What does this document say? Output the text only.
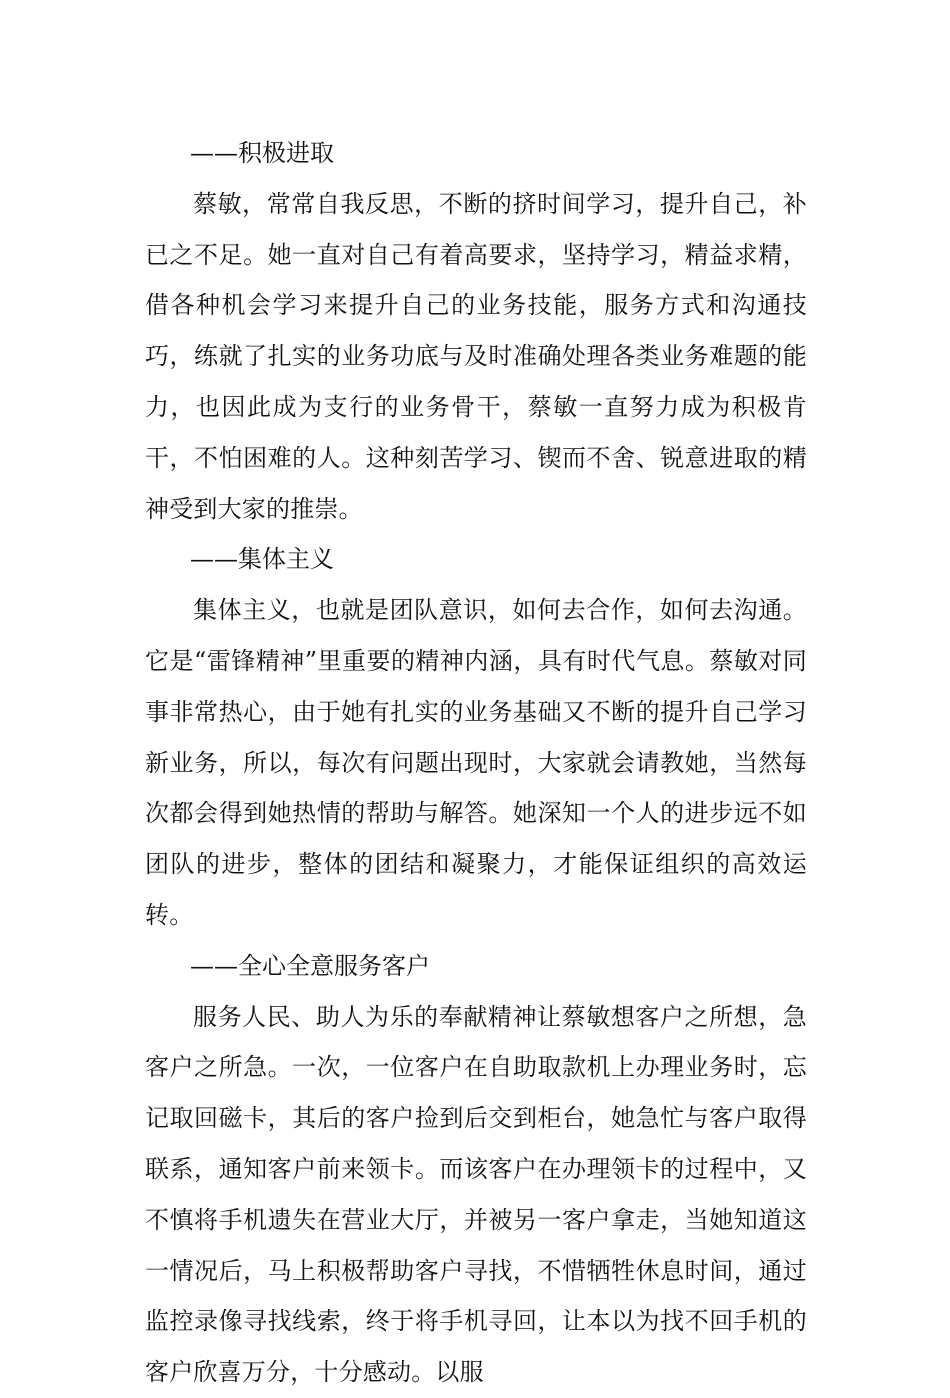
——积极进取

蔡敏，常常自我反思，不断的挤时间学习，提升自己，补已之不足。她一直对自己有着高要求，坚持学习，精益求精，借各种机会学习来提升自己的业务技能，服务方式和沟通技巧，练就了扎实的业务功底与及时准确处理各类业务难题的能力，也因此成为支行的业务骨干，蔡敏一直努力成为积极肯干，不怕困难的人。这种刻苦学习、锲而不舍、锐意进取的精神受到大家的推崇。

——集体主义

集体主义，也就是团队意识，如何去合作，如何去沟通。它是“雷锋精神”里重要的精神内涵，具有时代气息。蔡敏对同事非常热心，由于她有扎实的业务基础又不断的提升自己学习新业务，所以，每次有问题出现时，大家就会请教她，当然每次都会得到她热情的帮助与解答。她深知一个人的进步远不如团队的进步，整体的团结和凝聚力，才能保证组织的高效运转。

——全心全意服务客户

服务人民、助人为乐的奉献精神让蔡敏想客户之所想，急客户之所急。一次，一位客户在自助取款机上办理业务时，忘记取回磁卡，其后的客户捡到后交到柜台，她急忙与客户取得联系，通知客户前来领卡。而该客户在办理领卡的过程中，又不慎将手机遗失在营业大厅，并被另一客户拿走，当她知道这一情况后，马上积极帮助客户寻找，不惜牺牲休息时间，通过监控录像寻找线索，终于将手机寻回，让本以为找不回手机的客户欣喜万分，十分感动。以服
